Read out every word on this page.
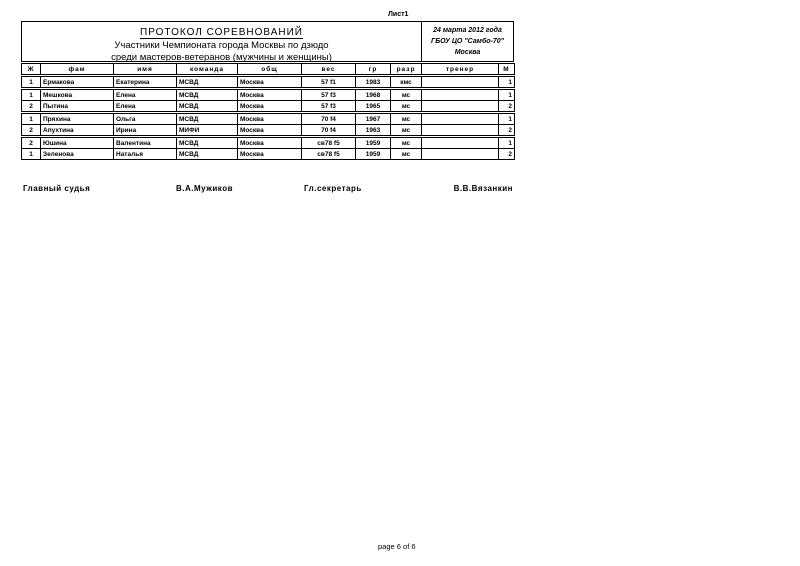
Лист1
ПРОТОКОЛ СОРЕВНОВАНИЙ
Участники Чемпионата города Москвы по дзюдо
среди мастеров-ветеранов (мужчины и женщины)
24 марта 2012 года
ГБОУ ЦО "Самбо-70"
Москва
Ж	фам	имя	команда	общ	вес	гр	разр	тренер	М

1	Ермакова	Екатерина	МСВД	Москва	57 f1	1983	кмс		1

1	Мешкова	Елена	МСВД	Москва	57 f3	1968	мс		1
2	Пытина	Елена	МСВД	Москва	57 f3	1965	мс		2

1	Пряхина	Ольга	МСВД	Москва	70 f4	1967	мс		1
2	Апухтина	Ирина	МИФИ	Москва	70 f4	1963	мс		2

2	Юшина	Валентина	МСВД	Москва	св78 f5	1959	мс		1
1	Зеленова	Наталья	МСВД	Москва	св78 f5	1959	мс		2
Главный судья	В.А.Мужиков	Гл.секретарь	В.В.Вязанкин
page 6 of 6
